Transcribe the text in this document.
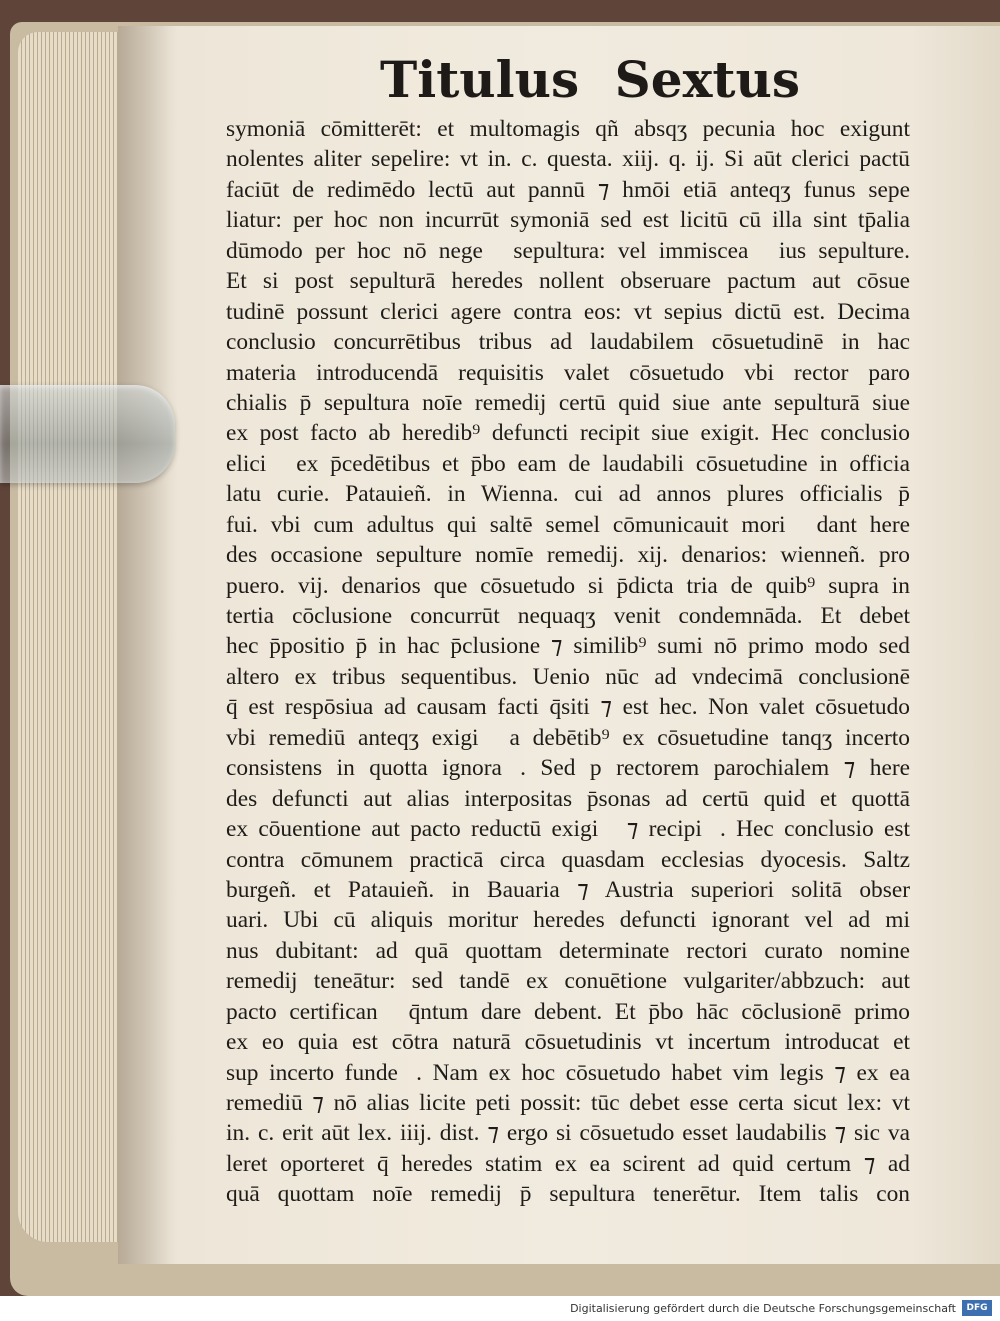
Titulus Sextus
symoniā cōmitterēt: et multomagis qñ absqʒ pecunia hoc exigunt
nolentes aliter sepelire: vt in. c. questa. xiij. q. ij. Si aūt clerici pactū
faciūt de redimēdo lectū aut pannū ⁊ hmōi etiā anteqʒ funus sepe
liatur: per hoc non incurrūt symoniā sed est licitū cū illa sint tp̄alia
dūmodo per hoc nō negeᷓ sepultura: vel immisceaᷓ ius sepulture.
Et si post sepulturā heredes nollent obseruare pactum aut cōsue
tudinē possunt clerici agere contra eos: vt sepius dictū est. Decima
conclusio concurrētibus tribus ad laudabilem cōsuetudinē in hac
materia introducendā requisitis valet cōsuetudo vbi rector paro
chialis p̄ sepultura noīe remedij certū quid siue ante sepulturā siue
ex post facto ab heredib⁹ defuncti recipit siue exigit. Hec conclusio
eliciᷓ ex p̄cedētibus et p̄bo eam de laudabili cōsuetudine in officia
latu curie. Patauieñ. in Wienna. cui ad annos plures officialis p̄
fui. vbi cum adultus qui saltē semel cōmunicauit moriᷓ dant here
des occasione sepulture nomīe remedij. xij. denarios: wienneñ. pro
puero. vij. denarios que cōsuetudo si p̄dicta tria de quib⁹ supra in
tertia cōclusione concurrūt nequaqʒ venit condemnāda. Et debet
hec p̄positio p̄ in hac p̄clusione ⁊ similib⁹ sumi nō primo modo sed
altero ex tribus sequentibus. Uenio nūc ad vndecimā conclusionē
q̄ est respōsiua ad causam facti q̄siti ⁊ est hec. Non valet cōsuetudo
vbi remediū anteqʒ exigiᷓ a debētib⁹ ex cōsuetudine tanqʒ incerto
consistens in quotta ignoraᷓ. Sed p rectorem parochialem ⁊ here
des defuncti aut alias interpositas p̄sonas ad certū quid et quottā
ex cōuentione aut pacto reductū exigiᷓ ⁊ recipiᷓ. Hec conclusio est
contra cōmunem practicā circa quasdam ecclesias dyocesis. Saltz
burgeñ. et Patauieñ. in Bauaria ⁊ Austria superiori solitā obser
uari. Ubi cū aliquis moritur heredes defuncti ignorant vel ad mi
nus dubitant: ad quā quottam determinate rectori curato nomine
remedij teneātur: sed tandē ex conuētione vulgariter/abbzuch: aut
pacto certificanᷓ q̄ntum dare debent. Et p̄bo hāc cōclusionē primo
ex eo quia est cōtra naturā cōsuetudinis vt incertum introducat et
sup incerto fundeᷓ. Nam ex hoc cōsuetudo habet vim legis ⁊ ex ea
remediū ⁊ nō alias licite peti possit: tūc debet esse certa sicut lex: vt
in. c. erit aūt lex. iiij. dist. ⁊ ergo si cōsuetudo esset laudabilis ⁊ sic va
leret oporteret q̄ heredes statim ex ea scirent ad quid certum ⁊ ad
quā quottam noīe remedij p̄ sepultura tenerētur. Item talis con
Digitalisierung gefördert durch die Deutsche Forschungsgemeinschaft	DFG
